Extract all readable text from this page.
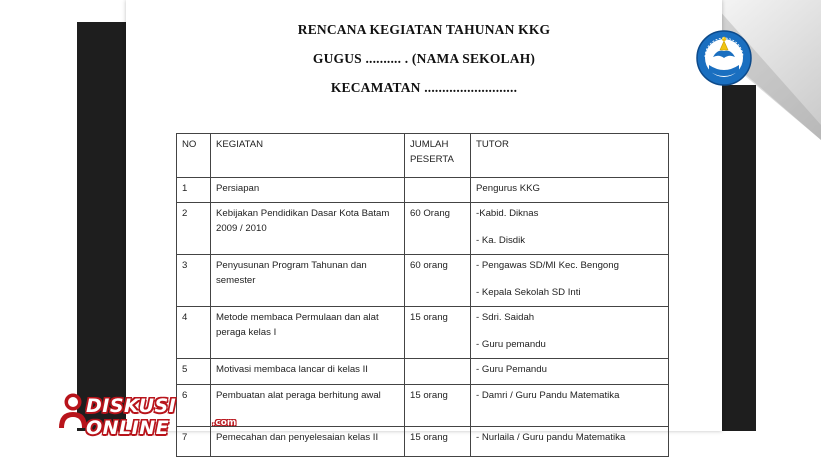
RENCANA KEGIATAN TAHUNAN KKG
GUGUS .......... . (NAMA SEKOLAH)
KECAMATAN ..........................
NO	KEGIATAN	JUMLAH PESERTA	TUTOR
1	Persiapan		Pengurus KKG
2	Kebijakan Pendidikan Dasar Kota Batam 2009 / 2010	60 Orang	-Kabid. Diknas
- Ka. Disdik

3	Penyusunan Program Tahunan dan semester	60 orang	- Pengawas SD/MI Kec. Bengong
- Kepala Sekolah SD Inti

4	Metode membaca Permulaan dan alat peraga kelas I	15 orang	- Sdri. Saidah
- Guru pemandu

5	Motivasi membaca lancar di kelas II		- Guru Pemandu
6	Pembuatan alat peraga berhitung awal	15 orang	- Damri / Guru Pandu Matematika
7	Pemecahan dan penyelesaian kelas II	15 orang	- Nurlaila / Guru pandu Matematika
DISKUSI ONLINE	.com
